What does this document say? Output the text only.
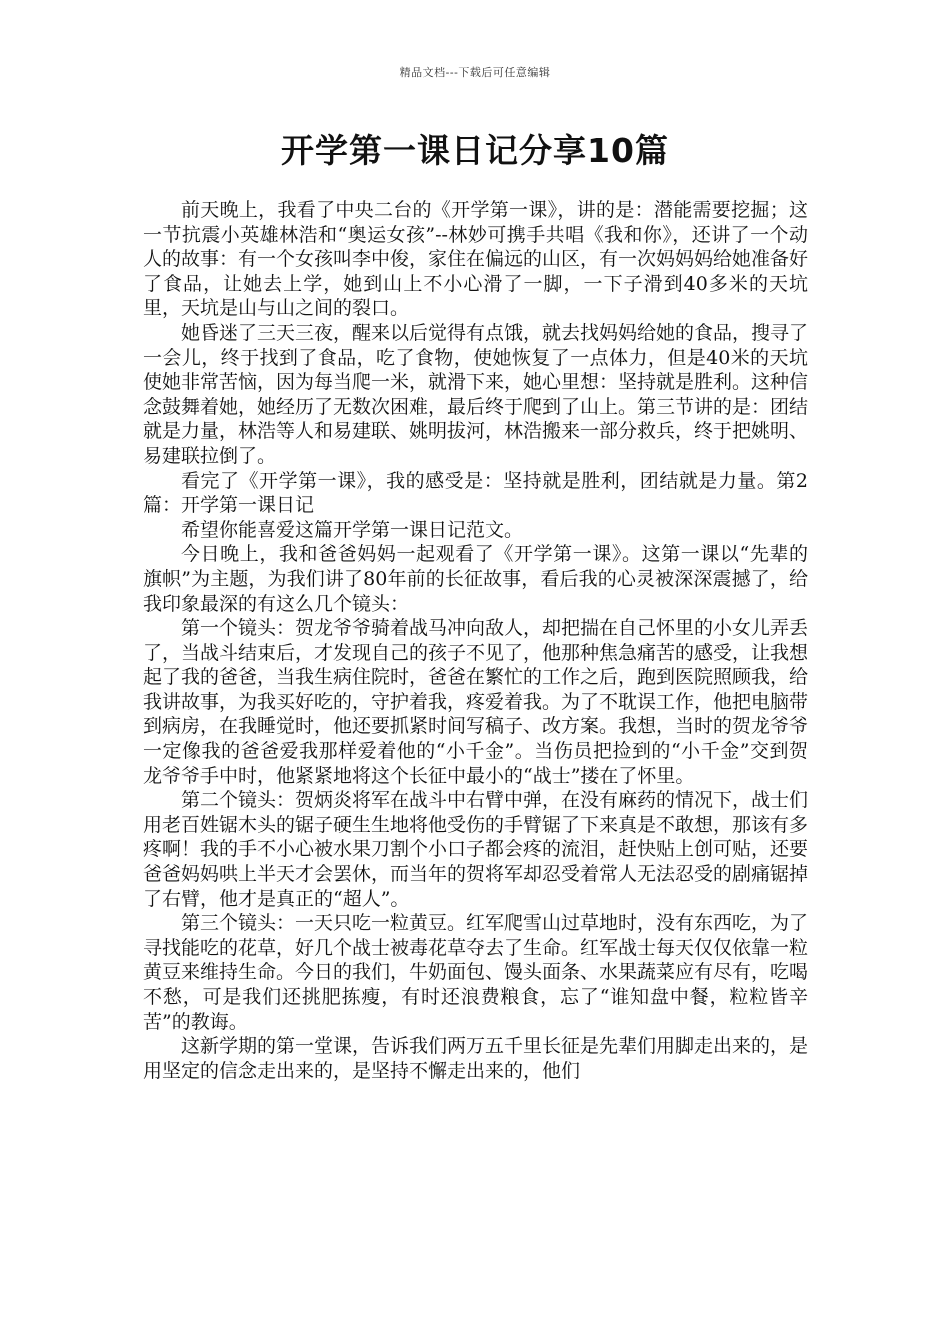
精品文档---下载后可任意编辑
开学第一课日记分享10篇

前天晚上，我看了中央二台的《开学第一课》，讲的是：潜能需要挖掘；这一节抗震小英雄林浩和“奥运女孩”--林妙可携手共唱《我和你》，还讲了一个动人的故事：有一个女孩叫李中俊，家住在偏远的山区，有一次妈妈妈给她准备好了食品，让她去上学，她到山上不小心滑了一脚，一下子滑到40多米的天坑里，天坑是山与山之间的裂口。

她昏迷了三天三夜，醒来以后觉得有点饿，就去找妈妈给她的食品，搜寻了一会儿，终于找到了食品，吃了食物，使她恢复了一点体力，但是40米的天坑使她非常苦恼，因为每当爬一米，就滑下来，她心里想：坚持就是胜利。这种信念鼓舞着她，她经历了无数次困难，最后终于爬到了山上。第三节讲的是：团结就是力量，林浩等人和易建联、姚明拔河，林浩搬来一部分救兵，终于把姚明、易建联拉倒了。

看完了《开学第一课》，我的感受是：坚持就是胜利，团结就是力量。第2篇：开学第一课日记

希望你能喜爱这篇开学第一课日记范文。

今日晚上，我和爸爸妈妈一起观看了《开学第一课》。这第一课以“先辈的旗帜”为主题，为我们讲了80年前的长征故事，看后我的心灵被深深震撼了，给我印象最深的有这么几个镜头：

第一个镜头：贺龙爷爷骑着战马冲向敌人，却把揣在自己怀里的小女儿弄丢了，当战斗结束后，才发现自己的孩子不见了，他那种焦急痛苦的感受，让我想起了我的爸爸，当我生病住院时，爸爸在繁忙的工作之后，跑到医院照顾我，给我讲故事，为我买好吃的，守护着我，疼爱着我。为了不耽误工作，他把电脑带到病房，在我睡觉时，他还要抓紧时间写稿子、改方案。我想，当时的贺龙爷爷一定像我的爸爸爱我那样爱着他的“小千金”。当伤员把捡到的“小千金”交到贺龙爷爷手中时，他紧紧地将这个长征中最小的“战士”搂在了怀里。

第二个镜头：贺炳炎将军在战斗中右臂中弹，在没有麻药的情况下，战士们用老百姓锯木头的锯子硬生生地将他受伤的手臂锯了下来真是不敢想，那该有多疼啊！我的手不小心被水果刀割个小口子都会疼的流泪，赶快贴上创可贴，还要爸爸妈妈哄上半天才会罢休，而当年的贺将军却忍受着常人无法忍受的剧痛锯掉了右臂，他才是真正的“超人”。

第三个镜头：一天只吃一粒黄豆。红军爬雪山过草地时，没有东西吃，为了寻找能吃的花草，好几个战士被毒花草夺去了生命。红军战士每天仅仅依靠一粒黄豆来维持生命。今日的我们，牛奶面包、馒头面条、水果蔬菜应有尽有，吃喝不愁，可是我们还挑肥拣瘦，有时还浪费粮食，忘了“谁知盘中餐，粒粒皆辛苦”的教诲。

这新学期的第一堂课，告诉我们两万五千里长征是先辈们用脚走出来的，是用坚定的信念走出来的，是坚持不懈走出来的，他们
